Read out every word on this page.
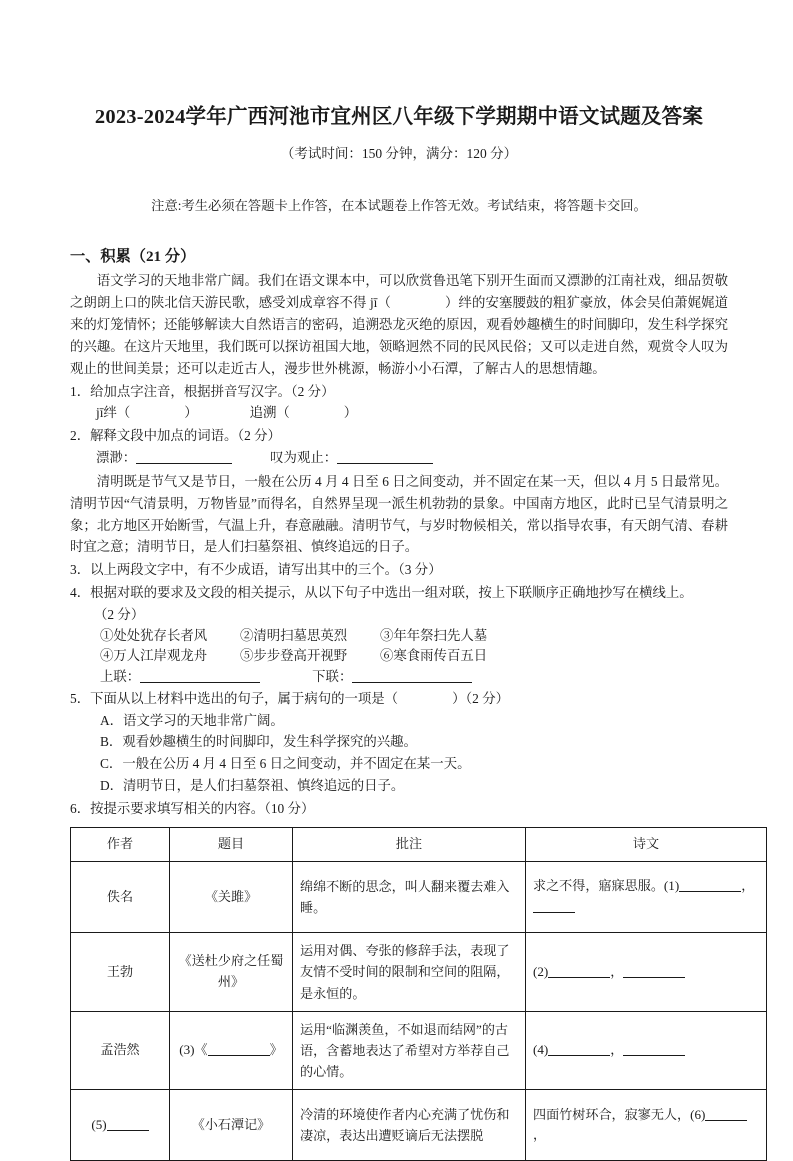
2023-2024学年广西河池市宜州区八年级下学期期中语文试题及答案
（考试时间：150 分钟，满分：120 分）
注意:考生必须在答题卡上作答，在本试题卷上作答无效。考试结束，将答题卡交回。
一、积累（21 分）

语文学习的天地非常广阔。我们在语文课本中，可以欣赏鲁迅笔下别开生面而又漂渺的江南社戏，细品贺敬之朗朗上口的陕北信天游民歌，感受刘成章容不得 jī（	）绊的安塞腰鼓的粗犷豪放，体会吴伯萧娓娓道来的灯笼情怀；还能够解读大自然语言的密码，追溯恐龙灭绝的原因，观看妙趣横生的时间脚印，发生科学探究的兴趣。在这片天地里，我们既可以探访祖国大地，领略迥然不同的民风民俗；又可以走进自然，观赏令人叹为观止的世间美景；还可以走近古人，漫步世外桃源，畅游小小石潭，了解古人的思想情趣。

1．给加点字注音，根据拼音写汉字。（2 分）

jī绊（	）	追溯（	）

2．解释文段中加点的词语。（2 分）

漂渺：	叹为观止：

清明既是节气又是节日，一般在公历 4 月 4 日至 6 日之间变动，并不固定在某一天，但以 4 月 5 日最常见。清明节因“气清景明，万物皆显”而得名，自然界呈现一派生机勃勃的景象。中国南方地区，此时已呈气清景明之象；北方地区开始断雪，气温上升，春意融融。清明节气，与岁时物候相关，常以指导农事，有天朗气清、春耕时宜之意；清明节日，是人们扫墓祭祖、慎终追远的日子。

3．以上两段文字中，有不少成语，请写出其中的三个。（3 分）

4．根据对联的要求及文段的相关提示，从以下句子中选出一组对联，按上下联顺序正确地抄写在横线上。

（2 分）

①处处犹存长者风 ②清明扫墓思英烈 ③年年祭扫先人墓

④万人江岸观龙舟 ⑤步步登高开视野 ⑥寒食雨传百五日

上联：	下联：

5．下面从以上材料中选出的句子，属于病句的一项是（	）（2 分）

A．语文学习的天地非常广阔。

B．观看妙趣横生的时间脚印，发生科学探究的兴趣。

C．一般在公历 4 月 4 日至 6 日之间变动，并不固定在某一天。

D．清明节日，是人们扫墓祭祖、慎终追远的日子。

6．按提示要求填写相关的内容。（10 分）

作者	题目	批注	诗文
佚名	《关雎》	绵绵不断的思念，叫人翻来覆去难入睡。	求之不得，寤寐思服。(1) ，
王勃	《送杜少府之任蜀州》	运用对偶、夸张的修辞手法，表现了友情不受时间的限制和空间的阻隔，是永恒的。	(2) ，
孟浩然	(3)《 》	运用“临渊羡鱼，不如退而结网”的古语，含蓄地表达了希望对方举荐自己的心情。	(4) ，
(5)	《小石潭记》	冷清的环境使作者内心充满了忧伤和凄凉，表达出遭贬谪后无法摆脱	四面竹树环合，寂寥无人，(6)，
